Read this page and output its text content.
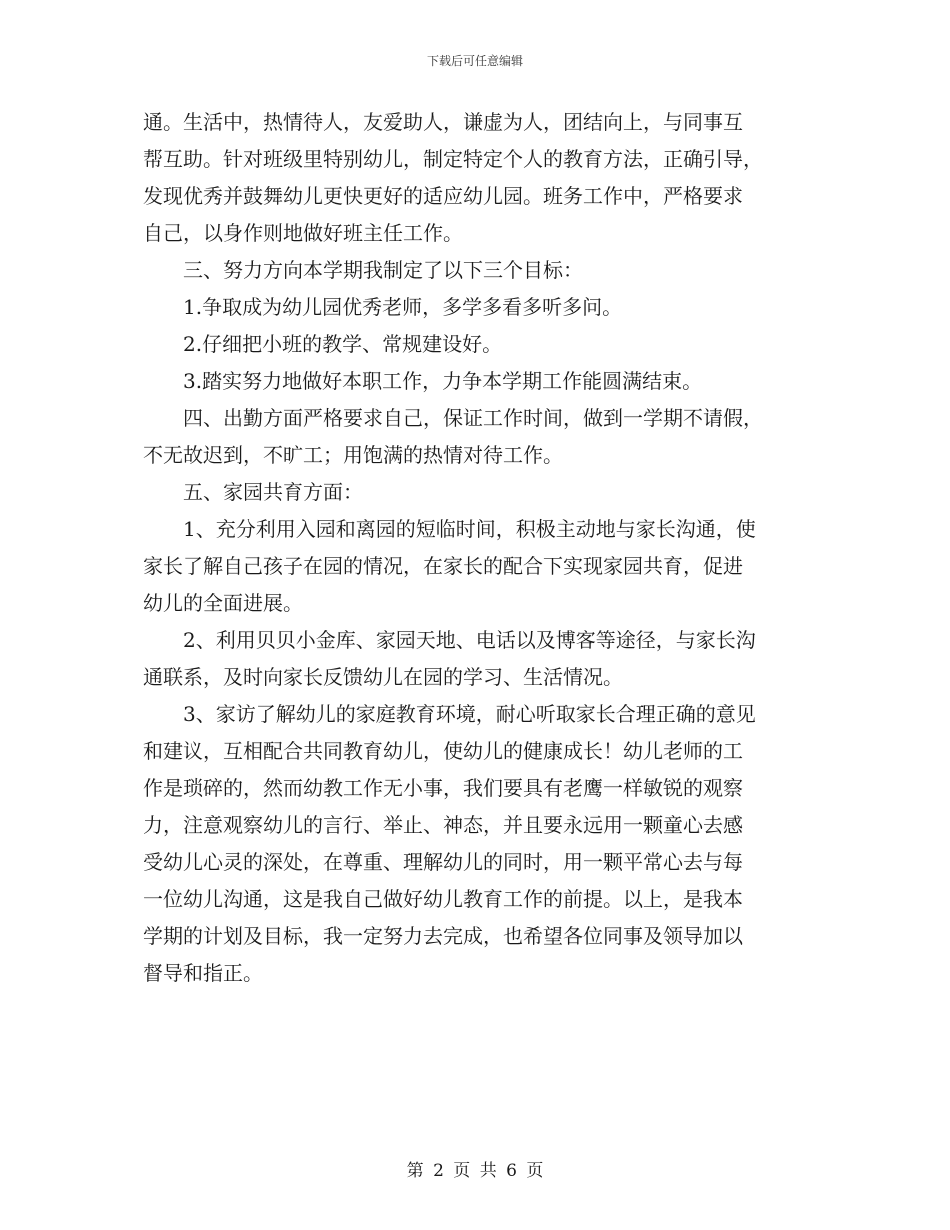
下载后可任意编辑
通。生活中，热情待人，友爱助人，谦虚为人，团结向上，与同事互
帮互助。针对班级里特别幼儿，制定特定个人的教育方法，正确引导，
发现优秀并鼓舞幼儿更快更好的适应幼儿园。班务工作中，严格要求
自己，以身作则地做好班主任工作。
　　三、努力方向本学期我制定了以下三个目标：
　　1.争取成为幼儿园优秀老师，多学多看多听多问。
　　2.仔细把小班的教学、常规建设好。
　　3.踏实努力地做好本职工作，力争本学期工作能圆满结束。
　　四、出勤方面严格要求自己，保证工作时间，做到一学期不请假，
不无故迟到，不旷工；用饱满的热情对待工作。
　　五、家园共育方面：
　　1、充分利用入园和离园的短临时间，积极主动地与家长沟通，使
家长了解自己孩子在园的情况，在家长的配合下实现家园共育，促进
幼儿的全面进展。
　　2、利用贝贝小金库、家园天地、电话以及博客等途径，与家长沟
通联系，及时向家长反馈幼儿在园的学习、生活情况。
　　3、家访了解幼儿的家庭教育环境，耐心听取家长合理正确的意见
和建议，互相配合共同教育幼儿，使幼儿的健康成长！幼儿老师的工
作是琐碎的，然而幼教工作无小事，我们要具有老鹰一样敏锐的观察
力，注意观察幼儿的言行、举止、神态，并且要永远用一颗童心去感
受幼儿心灵的深处，在尊重、理解幼儿的同时，用一颗平常心去与每
一位幼儿沟通，这是我自己做好幼儿教育工作的前提。以上，是我本
学期的计划及目标，我一定努力去完成，也希望各位同事及领导加以
督导和指正。
第 2 页 共 6 页
